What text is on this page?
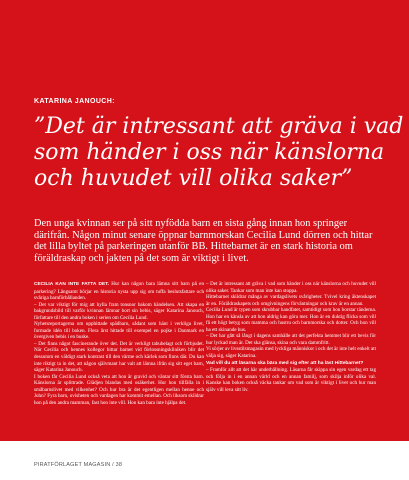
KATARINA JANOUCH:
”Det är intressant att gräva i vad
som händer i oss när känslorna
och huvudet vill olika saker”
Den unga kvinnan ser på sitt nyfödda barn en sista gång innan hon springer därifrån. Någon minut senare öppnar barnmorskan Cecilia Lund dörren och hittar det lilla byltet på parkeringen utanför BB. Hittebarnet är en stark historia om föräldraskap och jakten på det som är viktigt i livet.

CECILIA KAN INTE FATTA DET. Hur kan någon bara lämna sitt barn på en parkering? Långsamt börjar en historia nysta upp sig om tuffa beslutsfattare och svåriga barnförhållanden.

– Det var viktigt för mig att hylla fram tonsnor bakom händelsen. Att skapa en bakgrundsbild till varför kvinnan lämnar bort sin bebis, säger Katarina Janouch, författare till den andra boken i serien om Cecilia Lund.

Nyhetsreportagerna om upphittade spädbarn, sådant som hänt i verkliga livet, formade idén till boken. Flera årst hittade till exempel en pojke i Danmark en övergiven bebis i en buske.

– Det finns något fascinerande över det. Det är verkligt tabubelagt och förbjudet. När Cecilia och hennes kollegor hittar barnet vid förlossningskliniken blir det dessutom en väldigt stark kontrast till den värme och kärlek som finns där. Du kan inte riktigt ta in det, att någon självmant har valt att lämna ifrån sig sitt eget barn, säger Katarina Janouch.

I boken får Cecilia Lund också veta att hon är gravid och väntar sitt första barn. Känslorna är splittrade. Glädjen blandas med osäkerhet. Hur hon tillfälla in i småbarnslivet med vilkenhet? Och hur bra är det egentligen mellan henne och John? Fyra barn, ovisheten och vardagen har kommit emellan. Och liksom skildrar hon på den andra mamman, fast hon inte vill. Hon kan bara inte hjälpa det.

– Det är intressant att gräva i vad som händer i oss när känslorna och huvudet vill olika saker. Tankar som man inte kan stoppa.

Hittebarnet skildrar många av vardagslivets svårigheter. Tvivel kring äktenskapet är en. Föräldraskapets och omgivningens förväntningar och krav är en annan.

Cecilia Lund är typen som skrubbar handfatet, samtidigt som hon borstar tänderna. Hon har en känsla av att hon aldrig kan göra mer. Hon är en duktig flicka som vill få ett högt betyg som mamma och hustru och barnmorska och dotter. Och hon vill ha ett skinande hus.

– Det har gått så långt i dagens samhälle att det perfekta hemmet blir ett bevis för hur lyckad man är. Det ska glänsa, skina och vara dammfritt.

Vi sörjer av livsstilsmagasin med lyckliga människor i och det är inte helt enkelt att välja sig, säger Katarina.

Vad vill du att läsarna ska bära med sig efter att ha läst Hittebarnet?

– Framför allt att det här underhållning. Läsarna får skippa sin egen vardag ett tag och följa in i en annan värld och en annan familj, som skilja inför olika val. Kanske kan boken också väcka tankar om vad som är viktigt i livet och hur man själv vill leva sitt liv.

PIRATFÖRLAGET MAGASIN / 38
